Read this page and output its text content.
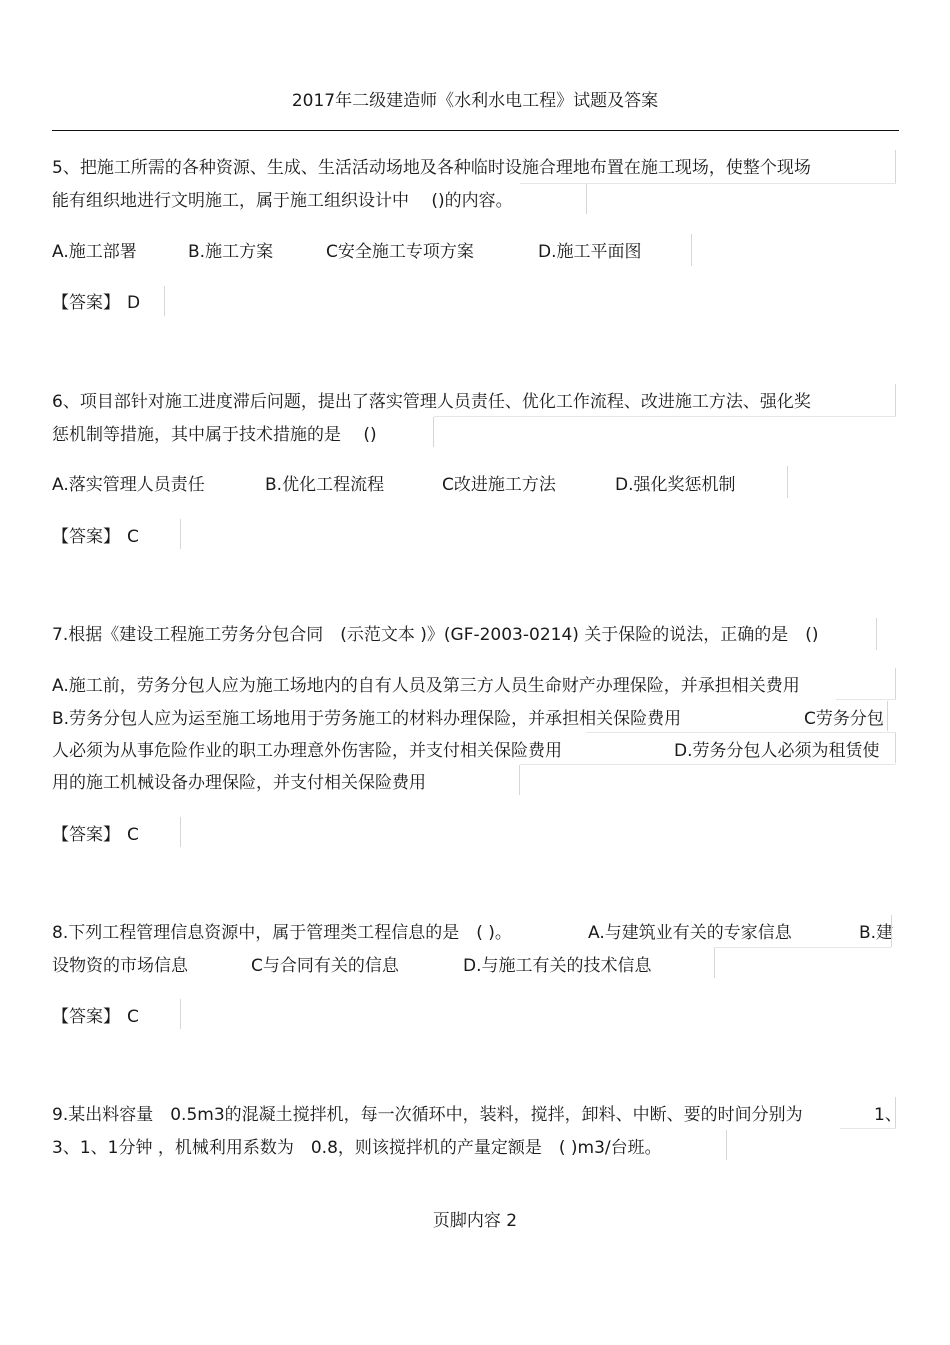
2017年二级建造师《水利水电工程》试题及答案
5、把施工所需的各种资源、生成、生活活动场地及各种临时设施合理地布置在施工现场，使整个现场
能有组织地进行文明施工，属于施工组织设计中　 ()的内容。
A.施工部署	B.施工方案	C安全施工专项方案	D.施工平面图
【答案】 D
6、项目部针对施工进度滞后问题，提出了落实管理人员责任、优化工作流程、改进施工方法、强化奖
惩机制等措施，其中属于技术措施的是　 ()
A.落实管理人员责任	B.优化工程流程	C改进施工方法	D.强化奖惩机制
【答案】 C
7.根据《建设工程施工劳务分包合同　(示范文本 )》(GF-2003-0214) 关于保险的说法，正确的是　()
A.施工前，劳务分包人应为施工场地内的自有人员及第三方人员生命财产办理保险，并承担相关费用
B.劳务分包人应为运至施工场地用于劳务施工的材料办理保险，并承担相关保险费用	C劳务分包
人必须为从事危险作业的职工办理意外伤害险，并支付相关保险费用	D.劳务分包人必须为租赁使
用的施工机械设备办理保险，并支付相关保险费用
【答案】 C
8.下列工程管理信息资源中，属于管理类工程信息的是　( )。	A.与建筑业有关的专家信息	B.建
设物资的市场信息	C与合同有关的信息	D.与施工有关的技术信息
【答案】 C
9.某出料容量　0.5m3的混凝土搅拌机，每一次循环中，装料，搅拌，卸料、中断、要的时间分别为	1、
3、1、1分钟 ，机械利用系数为　0.8，则该搅拌机的产量定额是　( )m3/台班。
页脚内容 2
